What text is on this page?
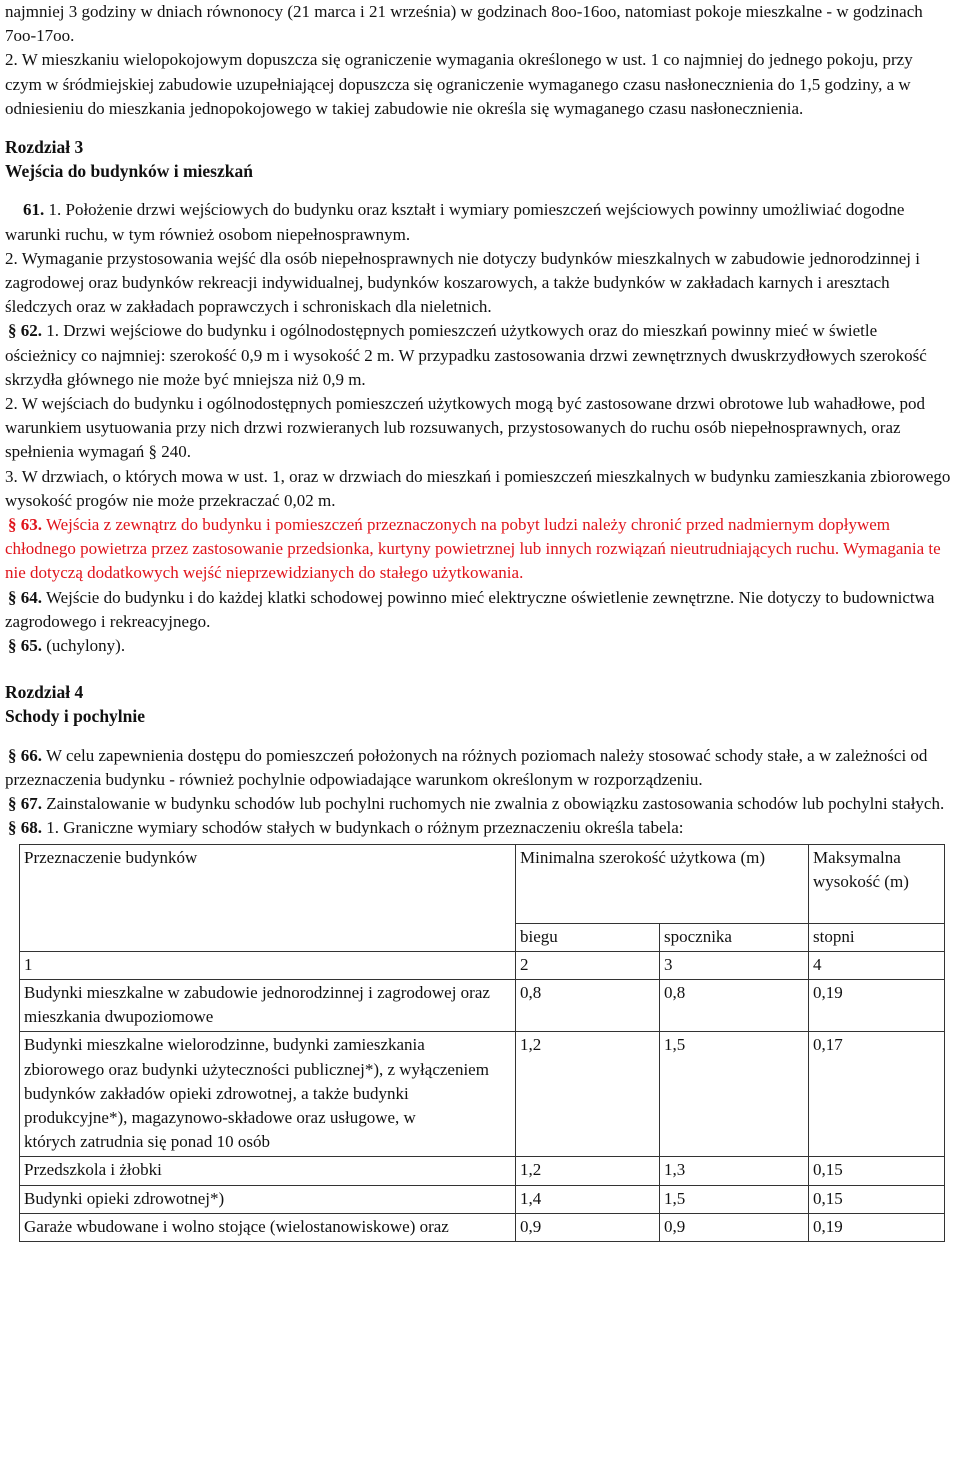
najmniej 3 godziny w dniach równonocy (21 marca i 21 września) w godzinach 8oo-16oo, natomiast pokoje mieszkalne - w godzinach 7oo-17oo.

2. W mieszkaniu wielopokojowym dopuszcza się ograniczenie wymagania określonego w ust. 1 co najmniej do jednego pokoju, przy czym w śródmiejskiej zabudowie uzupełniającej dopuszcza się ograniczenie wymaganego czasu nasłonecznienia do 1,5 godziny, a w odniesieniu do mieszkania jednopokojowego w takiej zabudowie nie określa się wymaganego czasu nasłonecznienia.

Rozdział 3

Wejścia do budynków i mieszkań

61. 1. Położenie drzwi wejściowych do budynku oraz kształt i wymiary pomieszczeń wejściowych powinny umożliwiać dogodne warunki ruchu, w tym również osobom niepełnosprawnym.

2. Wymaganie przystosowania wejść dla osób niepełnosprawnych nie dotyczy budynków mieszkalnych w zabudowie jednorodzinnej i zagrodowej oraz budynków rekreacji indywidualnej, budynków koszarowych, a także budynków w zakładach karnych i aresztach śledczych oraz w zakładach poprawczych i schroniskach dla nieletnich.

§ 62. 1. Drzwi wejściowe do budynku i ogólnodostępnych pomieszczeń użytkowych oraz do mieszkań powinny mieć w świetle ościeżnicy co najmniej: szerokość 0,9 m i wysokość 2 m. W przypadku zastosowania drzwi zewnętrznych dwuskrzydłowych szerokość skrzydła głównego nie może być mniejsza niż 0,9 m.

2. W wejściach do budynku i ogólnodostępnych pomieszczeń użytkowych mogą być zastosowane drzwi obrotowe lub wahadłowe, pod warunkiem usytuowania przy nich drzwi rozwieranych lub rozsuwanych, przystosowanych do ruchu osób niepełnosprawnych, oraz spełnienia wymagań § 240.

3. W drzwiach, o których mowa w ust. 1, oraz w drzwiach do mieszkań i pomieszczeń mieszkalnych w budynku zamieszkania zbiorowego wysokość progów nie może przekraczać 0,02 m.

§ 63. Wejścia z zewnątrz do budynku i pomieszczeń przeznaczonych na pobyt ludzi należy chronić przed nadmiernym dopływem chłodnego powietrza przez zastosowanie przedsionka, kurtyny powietrznej lub innych rozwiązań nieutrudniających ruchu. Wymagania te nie dotyczą dodatkowych wejść nieprzewidzianych do stałego użytkowania.

§ 64. Wejście do budynku i do każdej klatki schodowej powinno mieć elektryczne oświetlenie zewnętrzne. Nie dotyczy to budownictwa zagrodowego i rekreacyjnego.

§ 65. (uchylony).

Rozdział 4

Schody i pochylnie

§ 66. W celu zapewnienia dostępu do pomieszczeń położonych na różnych poziomach należy stosować schody stałe, a w zależności od przeznaczenia budynku - również pochylnie odpowiadające warunkom określonym w rozporządzeniu.

§ 67. Zainstalowanie w budynku schodów lub pochylni ruchomych nie zwalnia z obowiązku zastosowania schodów lub pochylni stałych.

§ 68. 1. Graniczne wymiary schodów stałych w budynkach o różnym przeznaczeniu określa tabela:

Przeznaczenie budynków	Minimalna szerokość użytkowa (m)		Maksymalna wysokość (m)
	biegu	spocznika	stopni
1	2	3	4
Budynki mieszkalne w zabudowie jednorodzinnej i zagrodowej oraz mieszkania dwupoziomowe	0,8	0,8	0,19
Budynki mieszkalne wielorodzinne, budynki zamieszkania
zbiorowego oraz budynki użyteczności publicznej*), z wyłączeniem budynków zakładów opieki zdrowotnej, a także budynki produkcyjne*), magazynowo-składowe oraz usługowe, w
których zatrudnia się ponad 10 osób	1,2	1,5	0,17
Przedszkola i żłobki	1,2	1,3	0,15
Budynki opieki zdrowotnej*)	1,4	1,5	0,15
Garaże wbudowane i wolno stojące (wielostanowiskowe) oraz	0,9	0,9	0,19
